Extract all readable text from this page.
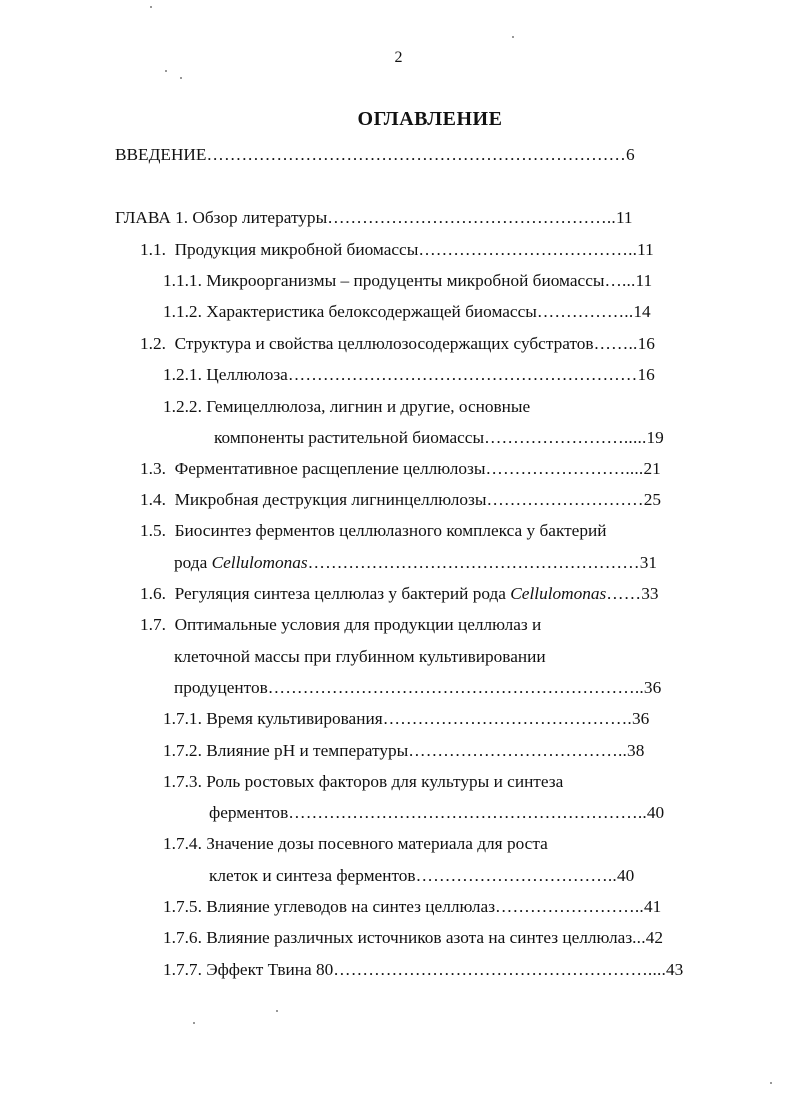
2
ОГЛАВЛЕНИЕ
ВВЕДЕНИЕ………………………………………………………………6
ГЛАВА 1. Обзор литературы…………………………………………..11
1.1. Продукция микробной биомассы………………………………..11
1.1.1. Микроорганизмы – продуценты микробной биомассы…...11
1.1.2. Характеристика белоксодержащей биомассы……………..14
1.2. Структура и свойства целлюлозосодержащих субстратов……..16
1.2.1. Целлюлоза……………………………………………………16
1.2.2. Гемицеллюлоза, лигнин и другие, основные
компоненты растительной биомассы…………………….....19
1.3. Ферментативное расщепление целлюлозы……………………....21
1.4. Микробная деструкция лигнинцеллюлозы………………………25
1.5. Биосинтез ферментов целлюлазного комплекса у бактерий
рода Cellulomonas…………………………………………………31
1.6. Регуляция синтеза целлюлаз у бактерий рода Cellulomonas……33
1.7. Оптимальные условия для продукции целлюлаз и
клеточной массы при глубинном культивировании
продуцентов………………………………………………………..36
1.7.1. Время культивирования…………………………………….36
1.7.2. Влияние pH и температуры………………………………..38
1.7.3. Роль ростовых факторов для культуры и синтеза
ферментов……………………………………………………..40
1.7.4. Значение дозы посевного материала для роста
клеток и синтеза ферментов……………………………..40
1.7.5. Влияние углеводов на синтез целлюлаз……………………..41
1.7.6. Влияние различных источников азота на синтез целлюлаз...42
1.7.7. Эффект Твина 80………………………………………………....43
